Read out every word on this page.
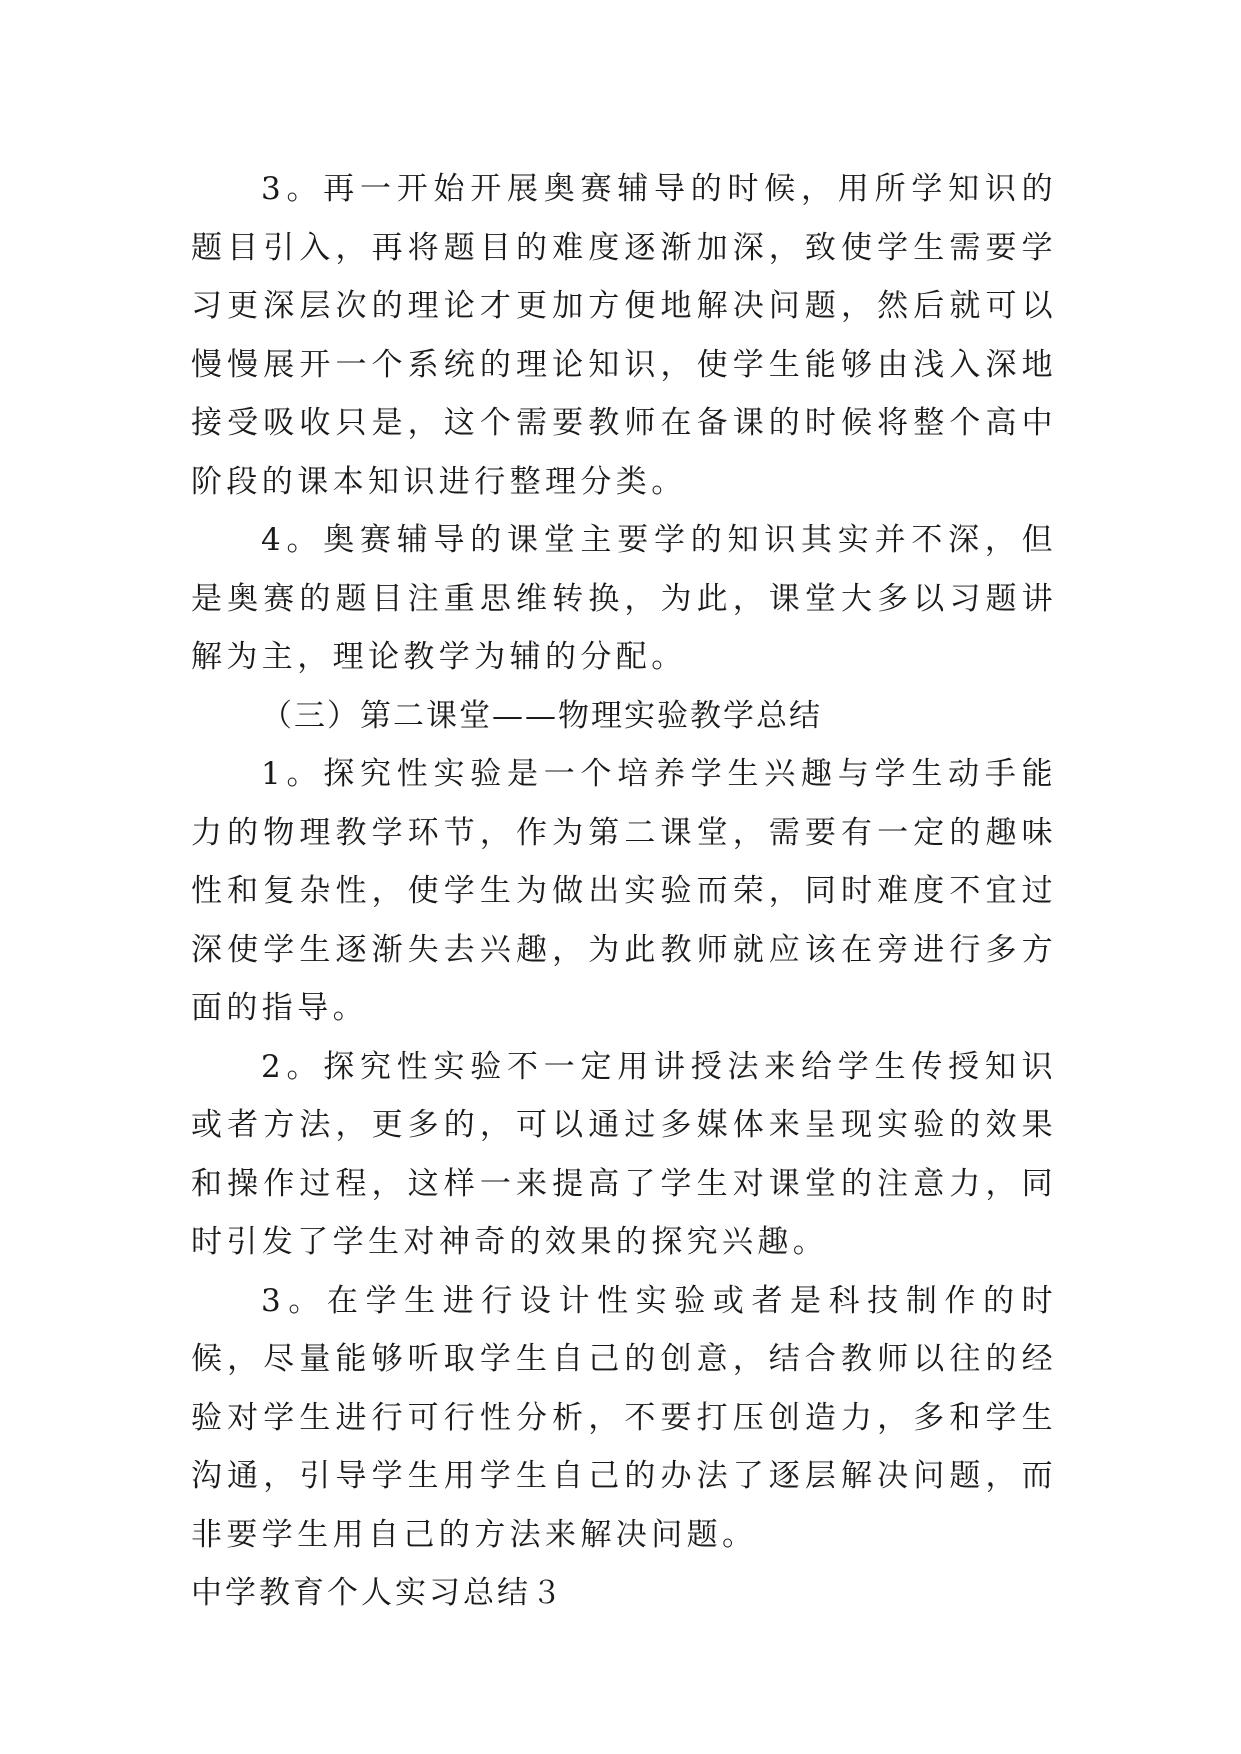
3。再一开始开展奥赛辅导的时候，用所学知识的题目引入，再将题目的难度逐渐加深，致使学生需要学习更深层次的理论才更加方便地解决问题，然后就可以慢慢展开一个系统的理论知识，使学生能够由浅入深地接受吸收只是，这个需要教师在备课的时候将整个高中阶段的课本知识进行整理分类。

4。奥赛辅导的课堂主要学的知识其实并不深，但是奥赛的题目注重思维转换，为此，课堂大多以习题讲解为主，理论教学为辅的分配。

（三）第二课堂——物理实验教学总结

1。探究性实验是一个培养学生兴趣与学生动手能力的物理教学环节，作为第二课堂，需要有一定的趣味性和复杂性，使学生为做出实验而荣，同时难度不宜过深使学生逐渐失去兴趣，为此教师就应该在旁进行多方面的指导。

2。探究性实验不一定用讲授法来给学生传授知识或者方法，更多的，可以通过多媒体来呈现实验的效果和操作过程，这样一来提高了学生对课堂的注意力，同时引发了学生对神奇的效果的探究兴趣。

3。在学生进行设计性实验或者是科技制作的时候，尽量能够听取学生自己的创意，结合教师以往的经验对学生进行可行性分析，不要打压创造力，多和学生沟通，引导学生用学生自己的办法了逐层解决问题，而非要学生用自己的方法来解决问题。

中学教育个人实习总结３
